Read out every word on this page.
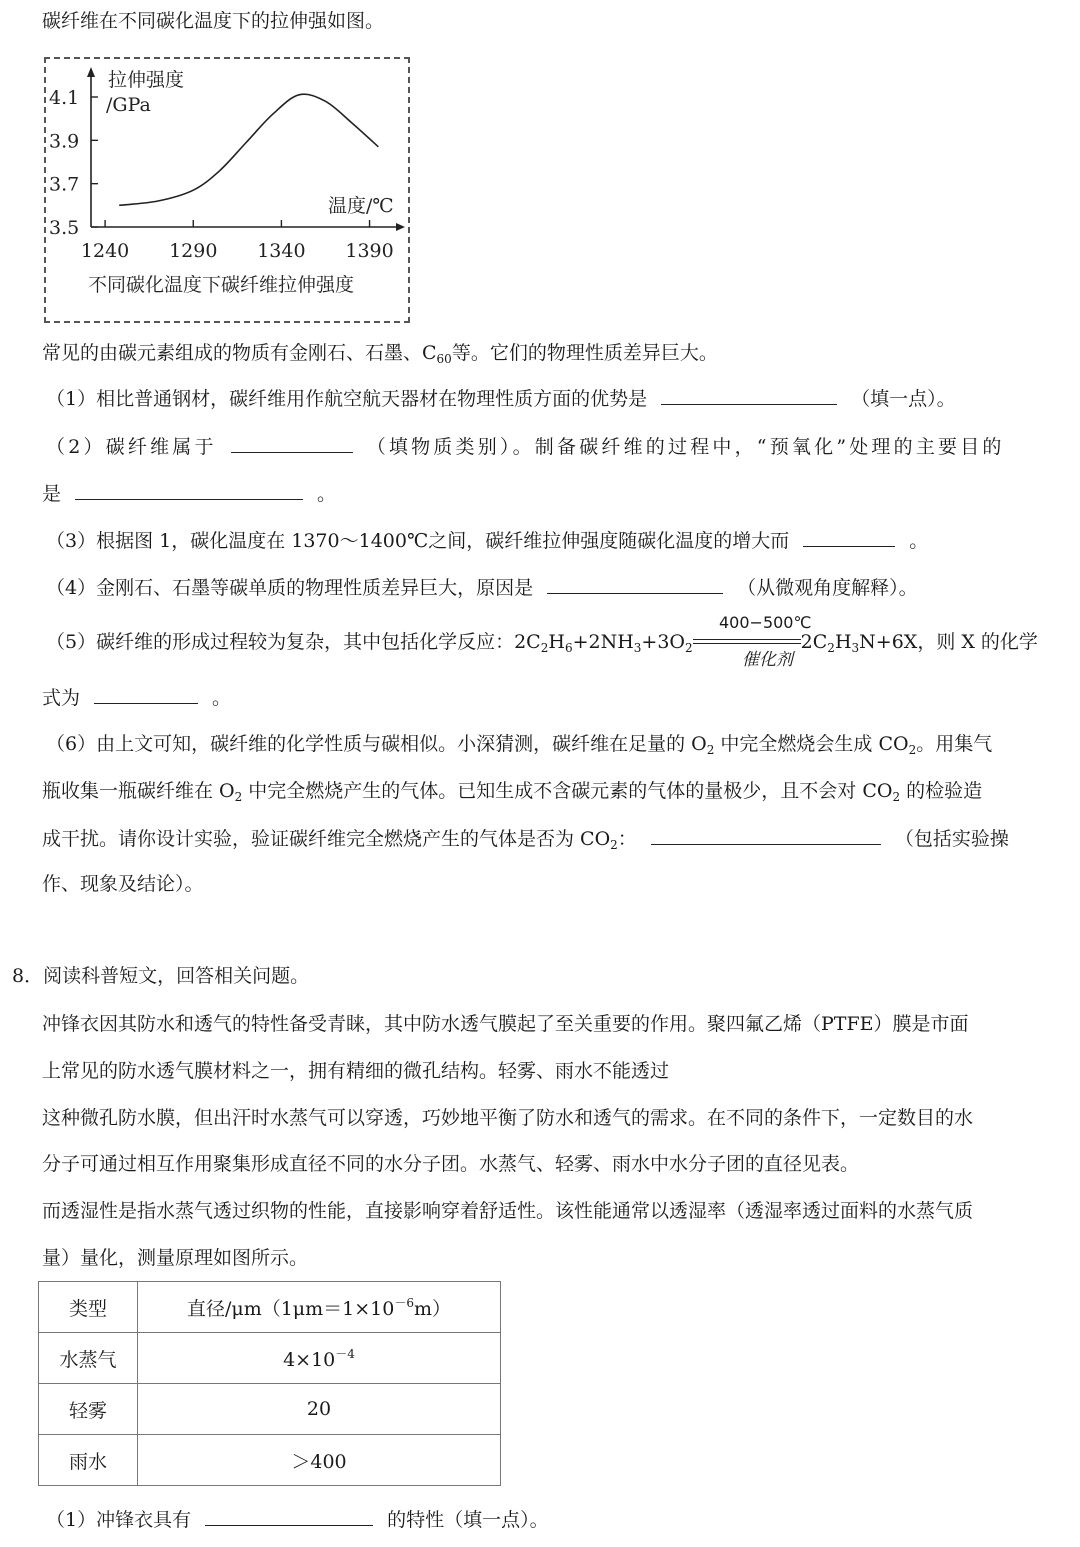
碳纤维在不同碳化温度下的拉伸强如图。
3.5
3.7
3.9
4.1
1240 1290 1340 1390
拉伸强度
/GPa
温度/℃
不同碳化温度下碳纤维拉伸强度
常见的由碳元素组成的物质有金刚石、石墨、$C_{60}$等。它们的物理性质差异巨大。
（1）相比普通钢材，碳纤维用作航空航天器材在物理性质方面的优势是	（填一点）。
（2）碳纤维属于	（填物质类别）。制备碳纤维的过程中，“预氧化”处理的主要目的
是	。
（3）根据图 1，碳化温度在 1370～1400℃之间，碳纤维拉伸强度随碳化温度的增大而	。
（4）金刚石、石墨等碳单质的物理性质差异巨大，原因是	（从微观角度解释）。
（5）碳纤维的形成过程较为复杂，其中包括化学反应：$2C_2H_6+2NH_3+3O_2$	$2C_2H_3N+6X$，则 X 的化学
400−500℃
催化剂
式为	。
（6）由上文可知，碳纤维的化学性质与碳相似。小深猜测，碳纤维在足量的 $O_2$ 中完全燃烧会生成 $CO_2$。用集气
瓶收集一瓶碳纤维在 $O_2$ 中完全燃烧产生的气体。已知生成不含碳元素的气体的量极少，且不会对 $CO_2$ 的检验造
成干扰。请你设计实验，验证碳纤维完全燃烧产生的气体是否为 $CO_2$：	（包括实验操
作、现象及结论）。
8．阅读科普短文，回答相关问题。
冲锋衣因其防水和透气的特性备受青睐，其中防水透气膜起了至关重要的作用。聚四氟乙烯（PTFE）膜是市面
上常见的防水透气膜材料之一，拥有精细的微孔结构。轻雾、雨水不能透过
这种微孔防水膜，但出汗时水蒸气可以穿透，巧妙地平衡了防水和透气的需求。在不同的条件下，一定数目的水
分子可通过相互作用聚集形成直径不同的水分子团。水蒸气、轻雾、雨水中水分子团的直径见表。
而透湿性是指水蒸气透过织物的性能，直接影响穿着舒适性。该性能通常以透湿率（透湿率透过面料的水蒸气质
量）量化，测量原理如图所示。
类型	直径$/\mu m(1\mu m=1\times 10^{-6}m)$
水蒸气	$4\times 10^{-4}$
轻雾	20
雨水	＞400
（1）冲锋衣具有	的特性（填一点）。
